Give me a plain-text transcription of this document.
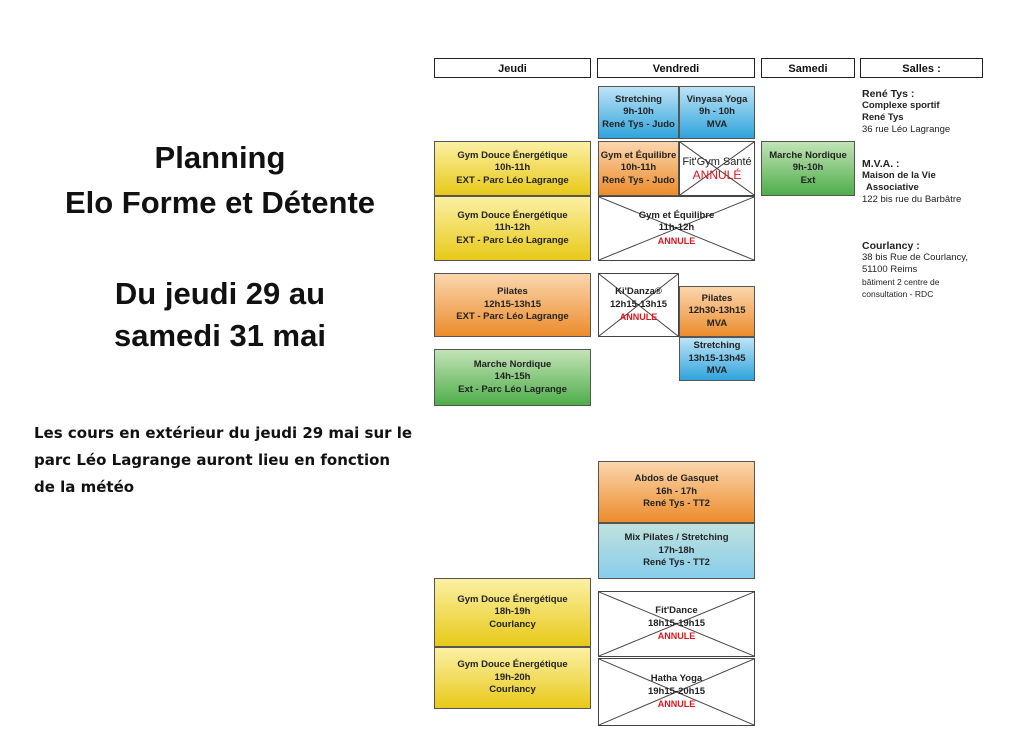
Planning
Elo Forme et Détente
Du jeudi 29 au
samedi 31 mai
Les cours en extérieur du jeudi 29 mai sur le parc Léo Lagrange auront lieu en fonction de la météo
Jeudi	Vendredi	Samedi	Salles :
Stretching
9h-10h
René Tys - Judo
Vinyasa Yoga
9h - 10h
MVA
Gym Douce Énergétique
10h-11h
EXT - Parc Léo Lagrange
Gym et Équilibre
10h-11h
René Tys - Judo
Fit'Gym Santé
ANNULÉ
Marche Nordique
9h-10h
Ext
Gym Douce Énergétique
11h-12h
EXT - Parc Léo Lagrange
Gym et Équilibre
11h-12h
ANNULE
Pilates
12h15-13h15
EXT - Parc Léo Lagrange
Ki'Danza®
12h15-13h15
ANNULE
Pilates
12h30-13h15
MVA
Stretching
13h15-13h45
MVA
Marche Nordique
14h-15h
Ext - Parc Léo Lagrange
Abdos de Gasquet
16h - 17h
René Tys - TT2
Mix Pilates / Stretching
17h-18h
René Tys - TT2
Gym Douce Énergétique
18h-19h
Courlancy
Fit'Dance
18h15-19h15
ANNULE
Gym Douce Énergétique
19h-20h
Courlancy
Hatha Yoga
19h15-20h15
ANNULE
René Tys :
Complexe sportif
René Tys
36 rue Léo Lagrange
M.V.A. :
Maison de la Vie
Associative
122 bis rue du Barbâtre
Courlancy :
38 bis Rue de Courlancy,
51100 Reims
bâtiment 2 centre de
consultation - RDC
